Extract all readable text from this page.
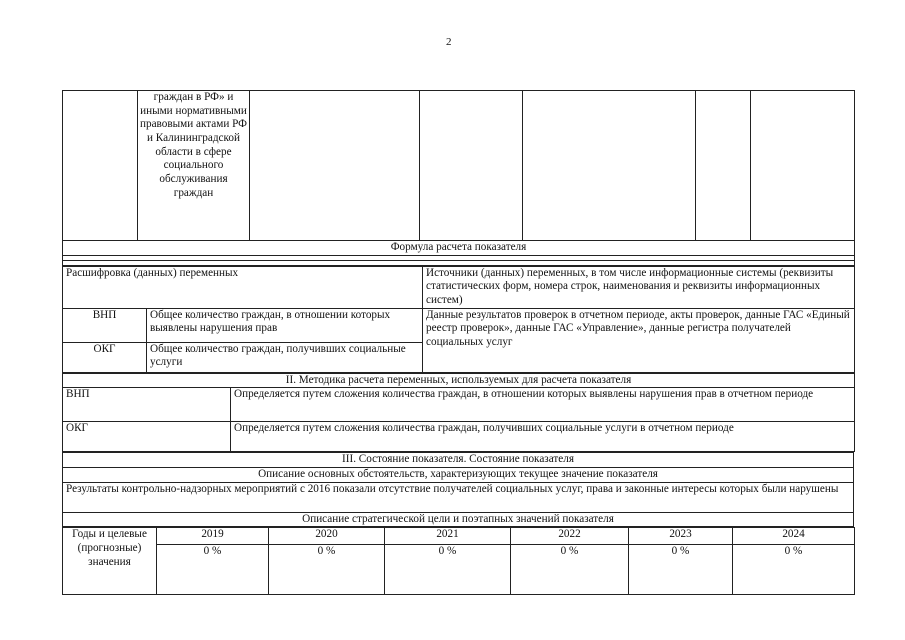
2
	граждан в РФ» и иными нормативными правовыми актами РФ и Калининградской области в сфере социального обслуживания граждан					
Формула расчета показателя

Расшифровка (данных) переменных		Источники (данных) переменных, в том числе информационные системы (реквизиты статистических форм, номера строк, наименования и реквизиты информационных систем)
ВНП	Общее количество граждан, в отношении которых выявлены нарушения прав	Данные результатов проверок в отчетном периоде, акты проверок, данные ГАС «Единый реестр проверок», данные ГАС «Управление», данные регистра получателей социальных услуг
ОКГ	Общее количество граждан, получивших социальные услуги	
II. Методика расчета переменных, используемых для расчета показателя	
ВНП	Определяется путем сложения количества граждан, в отношении которых выявлены нарушения прав в отчетном периоде
ОКГ	Определяется путем сложения количества граждан, получивших социальные услуги в отчетном периоде
III. Состояние показателя. Состояние показателя
Описание основных обстоятельств, характеризующих текущее значение показателя
Результаты контрольно-надзорных мероприятий с 2016 показали отсутствие получателей социальных услуг, права и законные интересы которых были нарушены
Описание стратегической цели и поэтапных значений показателя
Годы и целевые (прогнозные) значения	2019	2020	2021	2022	2023	2024
	0 %	0 %	0 %	0 %	0 %	0 %
